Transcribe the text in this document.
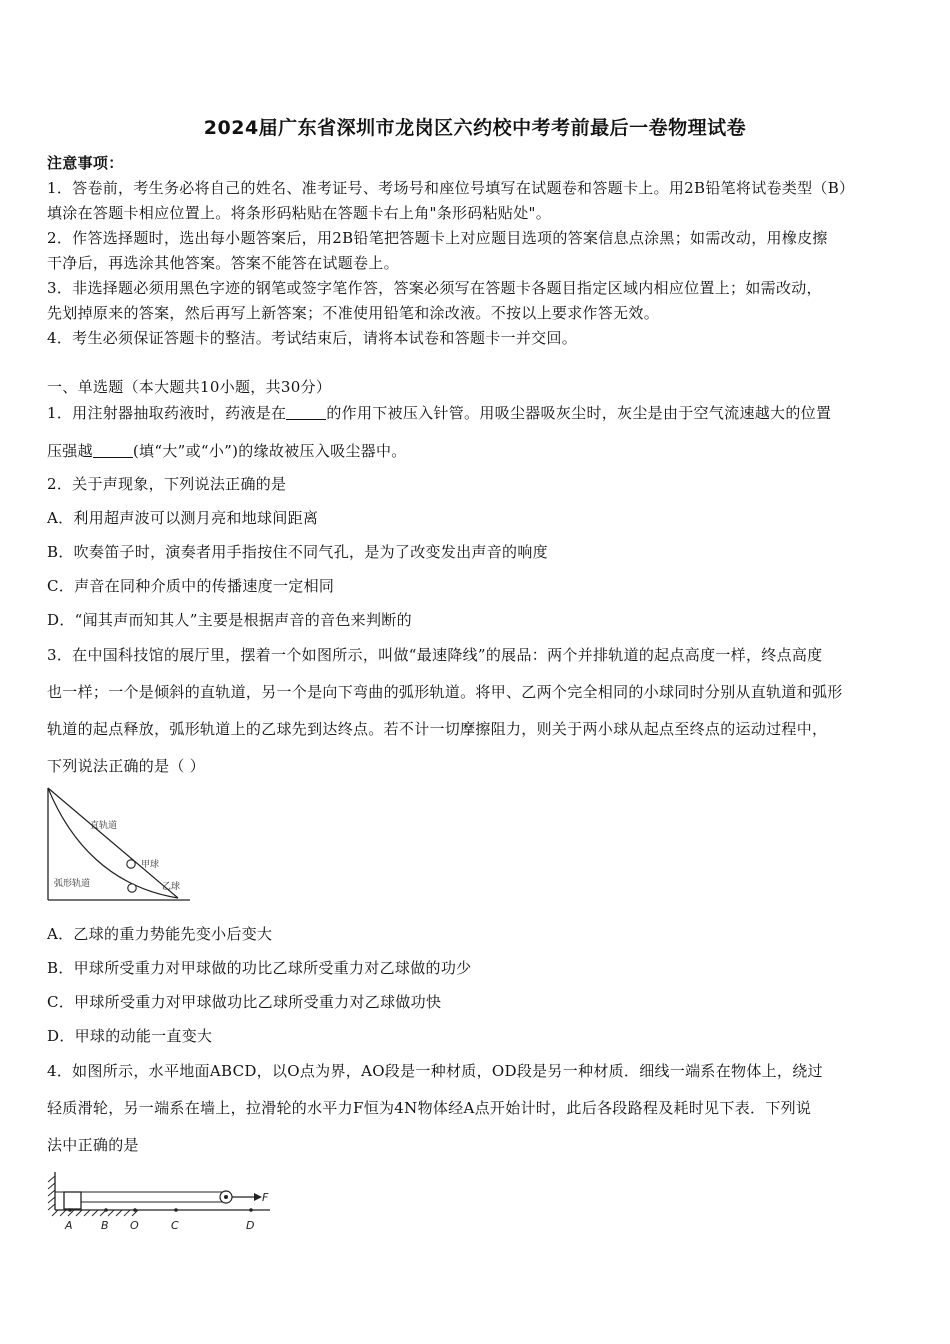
2024届广东省深圳市龙岗区六约校中考考前最后一卷物理试卷
注意事项：
1．答卷前，考生务必将自己的姓名、准考证号、考场号和座位号填写在试题卷和答题卡上。用2B铅笔将试卷类型（B）
填涂在答题卡相应位置上。将条形码粘贴在答题卡右上角"条形码粘贴处"。
2．作答选择题时，选出每小题答案后，用2B铅笔把答题卡上对应题目选项的答案信息点涂黑；如需改动，用橡皮擦
干净后，再选涂其他答案。答案不能答在试题卷上。
3．非选择题必须用黑色字迹的钢笔或签字笔作答，答案必须写在答题卡各题目指定区域内相应位置上；如需改动，
先划掉原来的答案，然后再写上新答案；不准使用铅笔和涂改液。不按以上要求作答无效。
4．考生必须保证答题卡的整洁。考试结束后，请将本试卷和答题卡一并交回。
一、单选题（本大题共10小题，共30分）
1．用注射器抽取药液时，药液是在	的作用下被压入针管。用吸尘器吸灰尘时，灰尘是由于空气流速越大的位置
压强越	(填“大”或“小”)的缘故被压入吸尘器中。
2．关于声现象，下列说法正确的是
A．利用超声波可以测月亮和地球间距离
B．吹奏笛子时，演奏者用手指按住不同气孔，是为了改变发出声音的响度
C．声音在同种介质中的传播速度一定相同
D．“闻其声而知其人”主要是根据声音的音色来判断的
3．在中国科技馆的展厅里，摆着一个如图所示，叫做“最速降线”的展品：两个并排轨道的起点高度一样，终点高度
也一样；一个是倾斜的直轨道，另一个是向下弯曲的弧形轨道。将甲、乙两个完全相同的小球同时分别从直轨道和弧形
轨道的起点释放，弧形轨道上的乙球先到达终点。若不计一切摩擦阻力，则关于两小球从起点至终点的运动过程中，
下列说法正确的是（ ）
直轨道
甲球
弧形轨道	乙球
A．乙球的重力势能先变小后变大
B．甲球所受重力对甲球做的功比乙球所受重力对乙球做的功少
C．甲球所受重力对甲球做功比乙球所受重力对乙球做功快
D．甲球的动能一直变大
4．如图所示，水平地面ABCD，以O点为界，AO段是一种材质，OD段是另一种材质．细线一端系在物体上，绕过
轻质滑轮，另一端系在墙上，拉滑轮的水平力F恒为4N物体经A点开始计时，此后各段路程及耗时见下表．下列说
法中正确的是
F
A	B O	C	D
